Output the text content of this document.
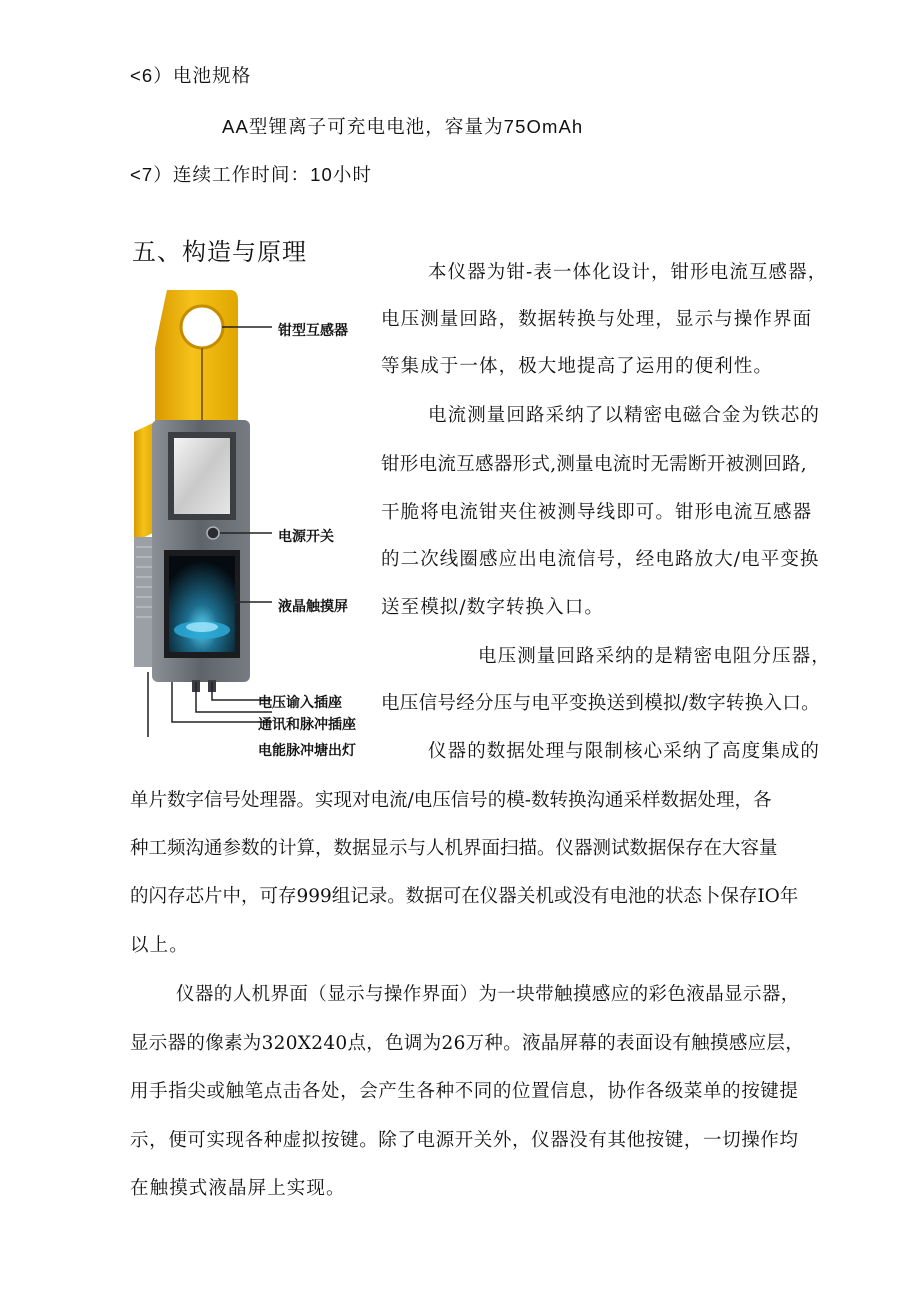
<6）电池规格
AA型锂离子可充电电池，容量为75OmAh
<7）连续工作时间：10小时
五、构造与原理
钳型互感器
电源开关
液晶触摸屏
电压谕入插座
通讯和脉冲插座
电能脉冲塘出灯
本仪器为钳-表一体化设计，钳形电流互感器，
电压测量回路，数据转换与处理，显示与操作界面
等集成于一体，极大地提高了运用的便利性。
电流测量回路采纳了以精密电磁合金为铁芯的
钳形电流互感器形式,测量电流时无需断开被测回路,
干脆将电流钳夹住被测导线即可。钳形电流互感器
的二次线圈感应出电流信号，经电路放大/电平变换
送至模拟/数字转换入口。
电压测量回路采纳的是精密电阻分压器，
电压信号经分压与电平变换送到模拟/数字转换入口。
仪器的数据处理与限制核心采纳了高度集成的
单片数字信号处理器。实现对电流/电压信号的模-数转换沟通采样数据处理，各
种工频沟通参数的计算，数据显示与人机界面扫描。仪器测试数据保存在大容量
的闪存芯片中，可存999组记录。数据可在仪器关机或没有电池的状态卜保存IO年
以上。
仪器的人机界面（显示与操作界面）为一块带触摸感应的彩色液晶显示器，
显示器的像素为320X240点，色调为26万种。液晶屏幕的表面设有触摸感应层，
用手指尖或触笔点击各处，会产生各种不同的位置信息，协作各级菜单的按键提
示，便可实现各种虚拟按键。除了电源开关外，仪器没有其他按键，一切操作均
在触摸式液晶屏上实现。
